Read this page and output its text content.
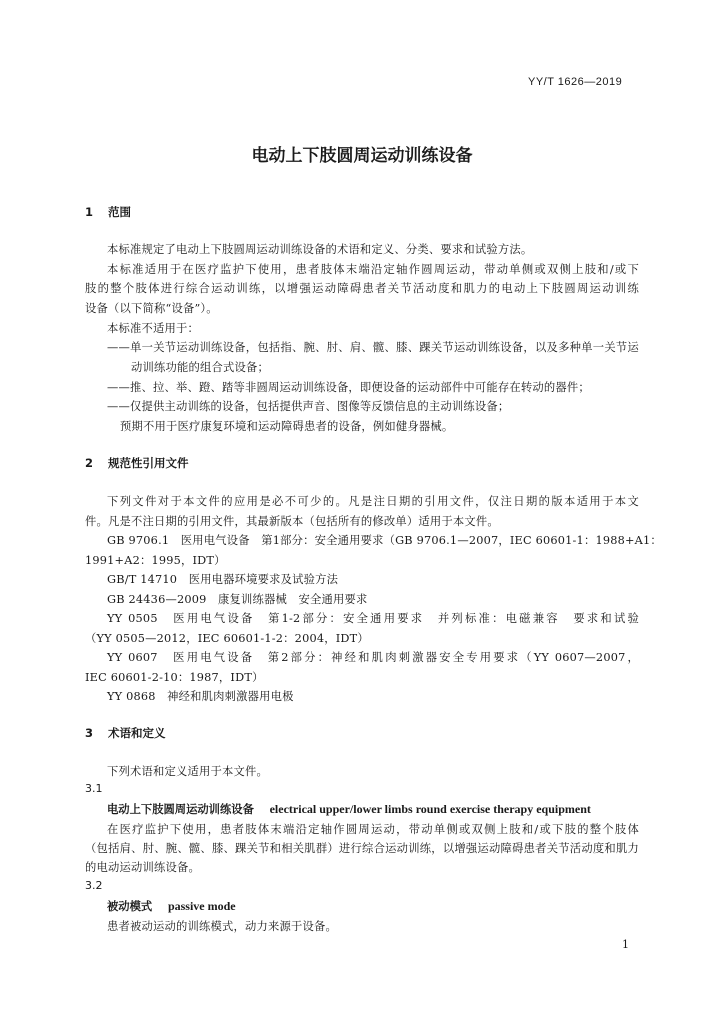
YY/T 1626—2019
电动上下肢圆周运动训练设备
1 范围
本标准规定了电动上下肢圆周运动训练设备的术语和定义、分类、要求和试验方法。
本标准适用于在医疗监护下使用，患者肢体末端沿定轴作圆周运动，带动单侧或双侧上肢和/或下
肢的整个肢体进行综合运动训练，以增强运动障碍患者关节活动度和肌力的电动上下肢圆周运动训练
设备（以下简称“设备”）。
本标准不适用于：
——单一关节运动训练设备，包括指、腕、肘、肩、髋、膝、踝关节运动训练设备，以及多种单一关节运
动训练功能的组合式设备；
——推、拉、举、蹬、踏等非圆周运动训练设备，即便设备的运动部件中可能存在转动的器件；
——仅提供主动训练的设备，包括提供声音、图像等反馈信息的主动训练设备；
预期不用于医疗康复环境和运动障碍患者的设备，例如健身器械。
2 规范性引用文件
下列文件对于本文件的应用是必不可少的。凡是注日期的引用文件，仅注日期的版本适用于本文
件。凡是不注日期的引用文件，其最新版本（包括所有的修改单）适用于本文件。
GB 9706.1　医用电气设备　第1部分：安全通用要求（GB 9706.1—2007，IEC 60601-1：1988+A1：
1991+A2：1995，IDT）
GB/T 14710　医用电器环境要求及试验方法
GB 24436—2009　康复训练器械　安全通用要求
YY 0505　医用电气设备　第1-2部分：安全通用要求　并列标准：电磁兼容　要求和试验
（YY 0505—2012，IEC 60601-1-2：2004，IDT）
YY 0607　医用电气设备　第2部分：神经和肌肉刺激器安全专用要求（YY 0607—2007，
IEC 60601-2-10：1987，IDT）
YY 0868　神经和肌肉刺激器用电极
3 术语和定义
下列术语和定义适用于本文件。
3.1
电动上下肢圆周运动训练设备 electrical upper/lower limbs round exercise therapy equipment
在医疗监护下使用，患者肢体末端沿定轴作圆周运动，带动单侧或双侧上肢和/或下肢的整个肢体
（包括肩、肘、腕、髋、膝、踝关节和相关肌群）进行综合运动训练，以增强运动障碍患者关节活动度和肌力
的电动运动训练设备。
3.2
被动模式 passive mode
患者被动运动的训练模式，动力来源于设备。
1
